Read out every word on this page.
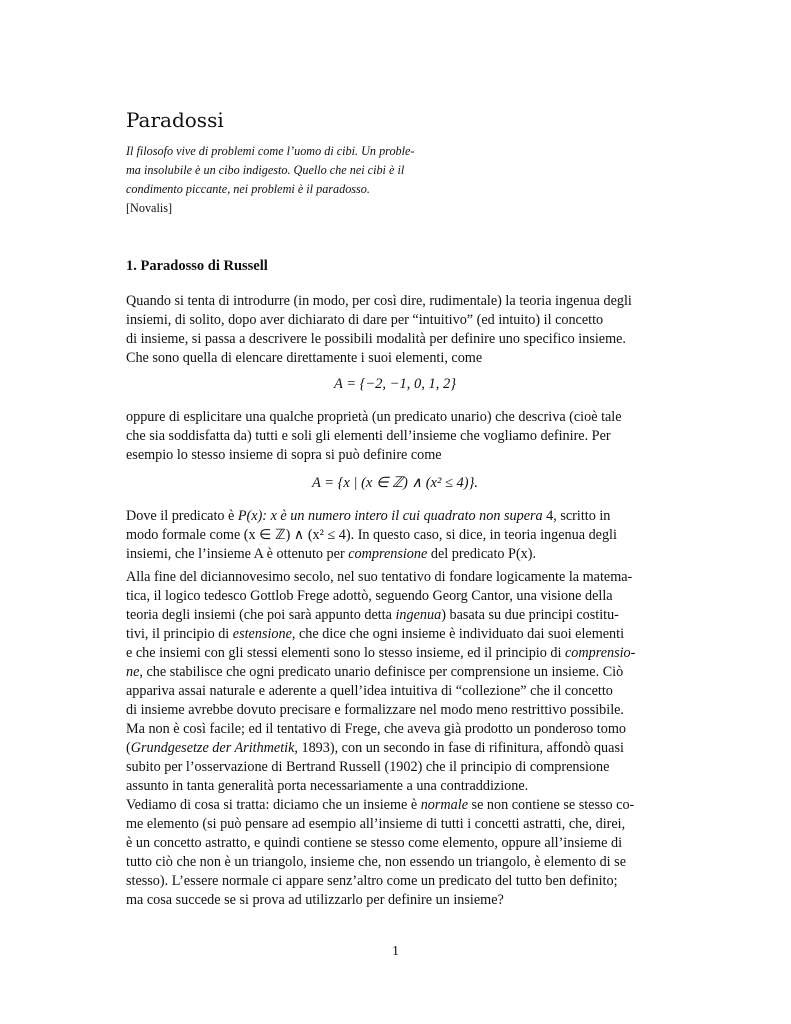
Paradossi
Il filosofo vive di problemi come l’uomo di cibi. Un proble-
ma insolubile è un cibo indigesto. Quello che nei cibi è il
condimento piccante, nei problemi è il paradosso.
[Novalis]
1. Paradosso di Russell
Quando si tenta di introdurre (in modo, per così dire, rudimentale) la teoria ingenua degli
insiemi, di solito, dopo aver dichiarato di dare per “intuitivo” (ed intuito) il concetto
di insieme, si passa a descrivere le possibili modalità per definire uno specifico insieme.
Che sono quella di elencare direttamente i suoi elementi, come
A = {−2, −1, 0, 1, 2}
oppure di esplicitare una qualche proprietà (un predicato unario) che descriva (cioè tale
che sia soddisfatta da) tutti e soli gli elementi dell’insieme che vogliamo definire. Per
esempio lo stesso insieme di sopra si può definire come
A = {x | (x ∈ ℤ) ∧ (x² ≤ 4)}.
Dove il predicato è P(x): x è un numero intero il cui quadrato non supera 4, scritto in
modo formale come (x ∈ ℤ) ∧ (x² ≤ 4). In questo caso, si dice, in teoria ingenua degli
insiemi, che l’insieme A è ottenuto per comprensione del predicato P(x).
Alla fine del diciannovesimo secolo, nel suo tentativo di fondare logicamente la matema-
tica, il logico tedesco Gottlob Frege adottò, seguendo Georg Cantor, una visione della
teoria degli insiemi (che poi sarà appunto detta ingenua) basata su due principi costitu-
tivi, il principio di estensione, che dice che ogni insieme è individuato dai suoi elementi
e che insiemi con gli stessi elementi sono lo stesso insieme, ed il principio di comprensio-
ne, che stabilisce che ogni predicato unario definisce per comprensione un insieme. Ciò
appariva assai naturale e aderente a quell’idea intuitiva di “collezione” che il concetto
di insieme avrebbe dovuto precisare e formalizzare nel modo meno restrittivo possibile.
Ma non è così facile; ed il tentativo di Frege, che aveva già prodotto un ponderoso tomo
(Grundgesetze der Arithmetik, 1893), con un secondo in fase di rifinitura, affondò quasi
subito per l’osservazione di Bertrand Russell (1902) che il principio di comprensione
assunto in tanta generalità porta necessariamente a una contraddizione.
Vediamo di cosa si tratta: diciamo che un insieme è normale se non contiene se stesso co-
me elemento (si può pensare ad esempio all’insieme di tutti i concetti astratti, che, direi,
è un concetto astratto, e quindi contiene se stesso come elemento, oppure all’insieme di
tutto ciò che non è un triangolo, insieme che, non essendo un triangolo, è elemento di se
stesso). L’essere normale ci appare senz’altro come un predicato del tutto ben definito;
ma cosa succede se si prova ad utilizzarlo per definire un insieme?
1
